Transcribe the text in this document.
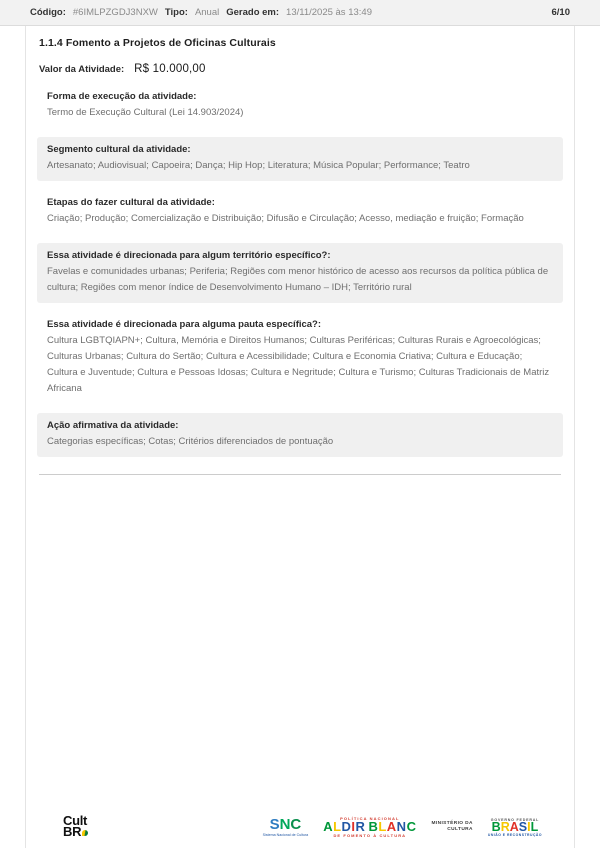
Código: #6IMLPZGDJ3NXW Tipo: Anual Gerado em: 13/11/2025 às 13:49	6/10
1.1.4 Fomento a Projetos de Oficinas Culturais
Valor da Atividade: R$ 10.000,00
Forma de execução da atividade:
Termo de Execução Cultural (Lei 14.903/2024)
Segmento cultural da atividade:
Artesanato; Audiovisual; Capoeira; Dança; Hip Hop; Literatura; Música Popular; Performance; Teatro
Etapas do fazer cultural da atividade:
Criação; Produção; Comercialização e Distribuição; Difusão e Circulação; Acesso, mediação e fruição; Formação
Essa atividade é direcionada para algum território específico?:
Favelas e comunidades urbanas; Periferia; Regiões com menor histórico de acesso aos recursos da política pública de cultura; Regiões com menor índice de Desenvolvimento Humano – IDH; Território rural
Essa atividade é direcionada para alguma pauta específica?:
Cultura LGBTQIAPN+; Cultura, Memória e Direitos Humanos; Culturas Periféricas; Culturas Rurais e Agroecológicas; Culturas Urbanas; Cultura do Sertão; Cultura e Acessibilidade; Cultura e Economia Criativa; Cultura e Educação; Cultura e Juventude; Cultura e Pessoas Idosas; Cultura e Negritude; Cultura e Turismo; Culturas Tradicionais de Matriz Africana
Ação afirmativa da atividade:
Categorias específicas; Cotas; Critérios diferenciados de pontuação
Cult
BR	SNC
Sistema Nacional de Cultura
POLÍTICA NACIONAL
ALDIR BLANC
DE FOMENTO À CULTURA
MINISTÉRIO DA
CULTURA
GOVERNO FEDERAL
BRASIL
UNIÃO E RECONSTRUÇÃO
